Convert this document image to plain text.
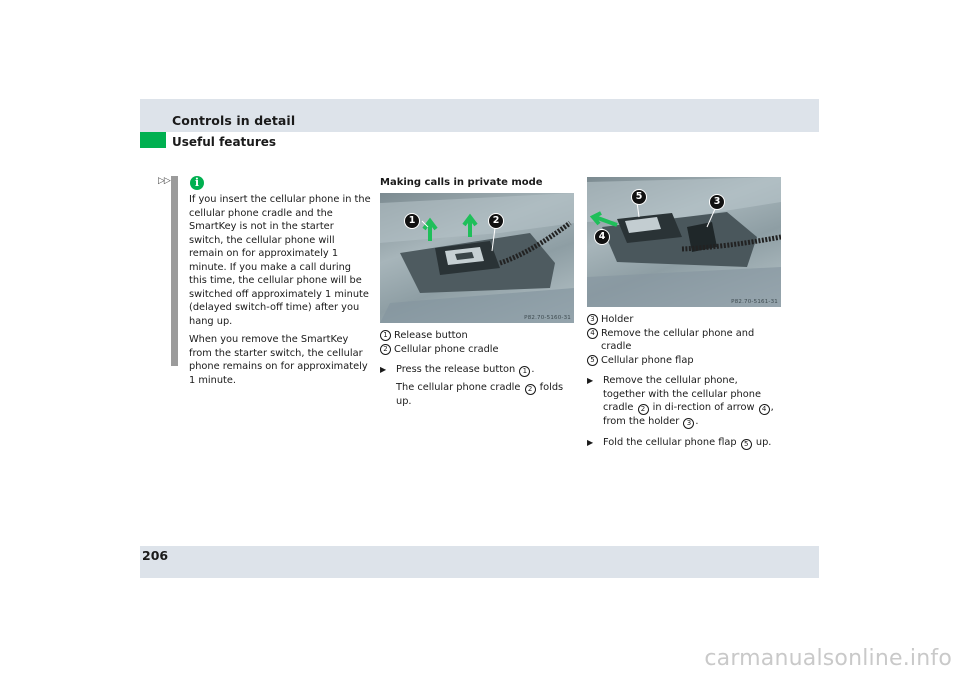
Controls in detail
Useful features
▷▷	i

If you insert the cellular phone in the cellular phone cradle and the SmartKey is not in the starter switch, the cellular phone will remain on for approximately 1 minute. If you make a call during this time, the cellular phone will be switched off approximately 1 minute (delayed switch-off time) after you hang up.

When you remove the SmartKey from the starter switch, the cellular phone remains on for approximately 1 minute.

Making calls in private mode
1	2
P82.70-5160-31
1 Release button
2 Cellular phone cradle
▶	Press the release button 1 .
The cellular phone cradle 2 folds up.
5	3
4
P82.70-5161-31
3 Holder
4 Remove the cellular phone and cradle
5 Cellular phone flap
▶	Remove the cellular phone, together with the cellular phone cradle 2 in di-rection of arrow 4 , from the holder 3 .
▶	Fold the cellular phone flap 5 up.
206
carmanualsonline.info
